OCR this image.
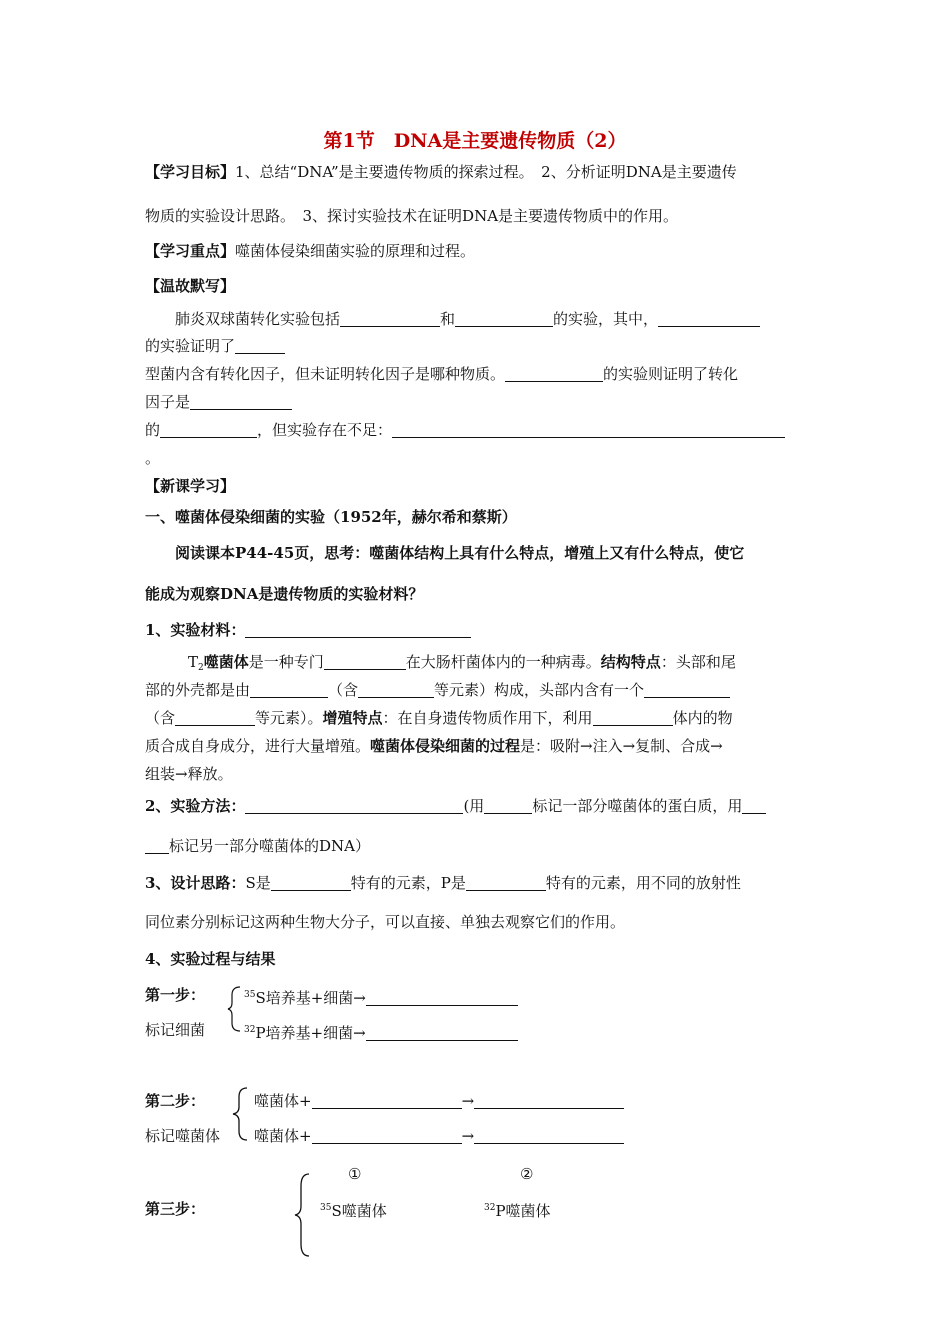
第1节　DNA是主要遗传物质（2）
【学习目标】1、总结“DNA”是主要遗传物质的探索过程。　2、分析证明DNA是主要遗传
物质的实验设计思路。　3、探讨实验技术在证明DNA是主要遗传物质中的作用。
【学习重点】噬菌体侵染细菌实验的原理和过程。
【温故默写】
肺炎双球菌转化实验包括	和	的实验，其中，
的实验证明了
型菌内含有转化因子，但未证明转化因子是哪种物质。	的实验则证明了转化
因子是
的	，但实验存在不足：
。
【新课学习】
一、噬菌体侵染细菌的实验（1952年，赫尔希和蔡斯）
阅读课本P44-45页，思考：噬菌体结构上具有什么特点，增殖上又有什么特点，使它
能成为观察DNA是遗传物质的实验材料？
1、实验材料：
$T_2$噬菌体是一种专门	在大肠杆菌体内的一种病毒。结构特点：头部和尾
部的外壳都是由	（含	等元素）构成，头部内含有一个
（含	等元素）。增殖特点：在自身遗传物质作用下，利用	体内的物
质合成自身成分，进行大量增殖。噬菌体侵染细菌的过程是：吸附→注入→复制、合成→
组装→释放。
2、实验方法：	(用	标记一部分噬菌体的蛋白质，用
标记另一部分噬菌体的DNA）
3、设计思路：S是	特有的元素，P是	特有的元素，用不同的放射性
同位素分别标记这两种生物大分子，可以直接、单独去观察它们的作用。
4、实验过程与结果
第一步：
标记细菌
$^{35}$S培养基+细菌→
$^{32}$P培养基+细菌→
第二步：
标记噬菌体
噬菌体+	→
噬菌体+	→
①	②
第三步：	$^{35}$S噬菌体	$^{32}$P噬菌体
